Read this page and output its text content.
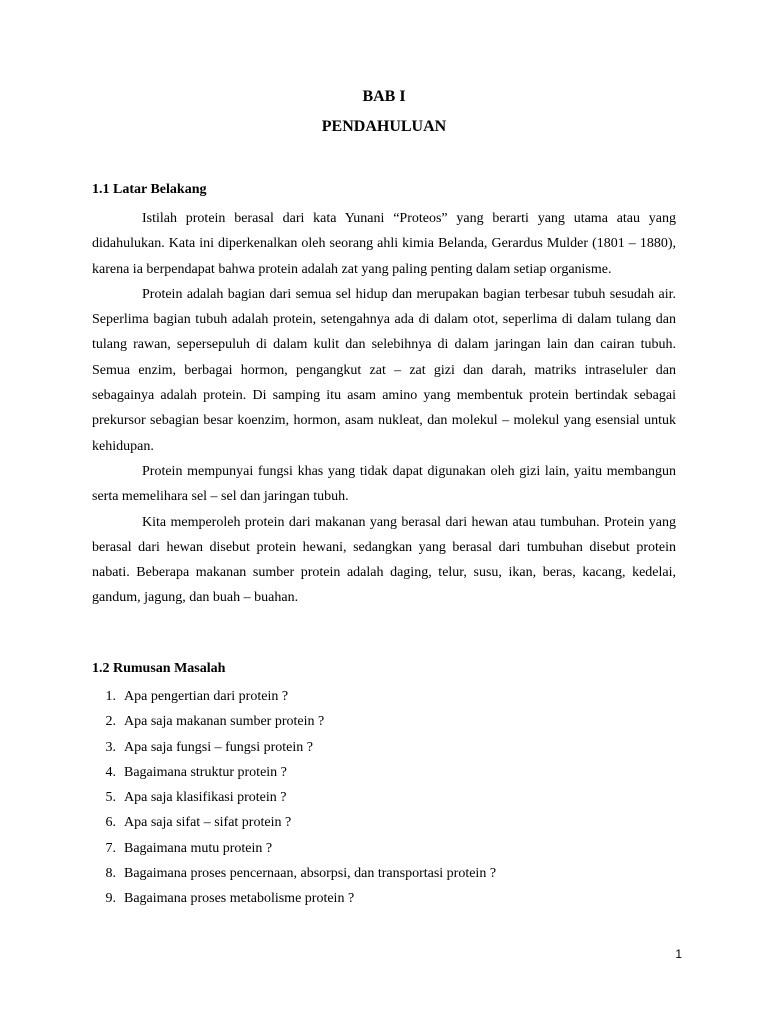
BAB I
PENDAHULUAN
1.1 Latar Belakang

Istilah protein berasal dari kata Yunani “Proteos” yang berarti yang utama atau yang didahulukan. Kata ini diperkenalkan oleh seorang ahli kimia Belanda, Gerardus Mulder (1801 – 1880), karena ia berpendapat bahwa protein adalah zat yang paling penting dalam setiap organisme.

Protein adalah bagian dari semua sel hidup dan merupakan bagian terbesar tubuh sesudah air. Seperlima bagian tubuh adalah protein, setengahnya ada di dalam otot, seperlima di dalam tulang dan tulang rawan, sepersepuluh di dalam kulit dan selebihnya di dalam jaringan lain dan cairan tubuh. Semua enzim, berbagai hormon, pengangkut zat – zat gizi dan darah, matriks intraseluler dan sebagainya adalah protein. Di samping itu asam amino yang membentuk protein bertindak sebagai prekursor sebagian besar koenzim, hormon, asam nukleat, dan molekul – molekul yang esensial untuk kehidupan.

Protein mempunyai fungsi khas yang tidak dapat digunakan oleh gizi lain, yaitu membangun serta memelihara sel – sel dan jaringan tubuh.

Kita memperoleh protein dari makanan yang berasal dari hewan atau tumbuhan. Protein yang berasal dari hewan disebut protein hewani, sedangkan yang berasal dari tumbuhan disebut protein nabati. Beberapa makanan sumber protein adalah daging, telur, susu, ikan, beras, kacang, kedelai, gandum, jagung, dan buah – buahan.

1.2 Rumusan Masalah
1. Apa pengertian dari protein ?
2. Apa saja makanan sumber protein ?
3. Apa saja fungsi – fungsi protein ?
4. Bagaimana struktur protein ?
5. Apa saja klasifikasi protein ?
6. Apa saja sifat – sifat protein ?
7. Bagaimana mutu protein ?
8. Bagaimana proses pencernaan, absorpsi, dan transportasi protein ?
9. Bagaimana proses metabolisme protein ?
1
